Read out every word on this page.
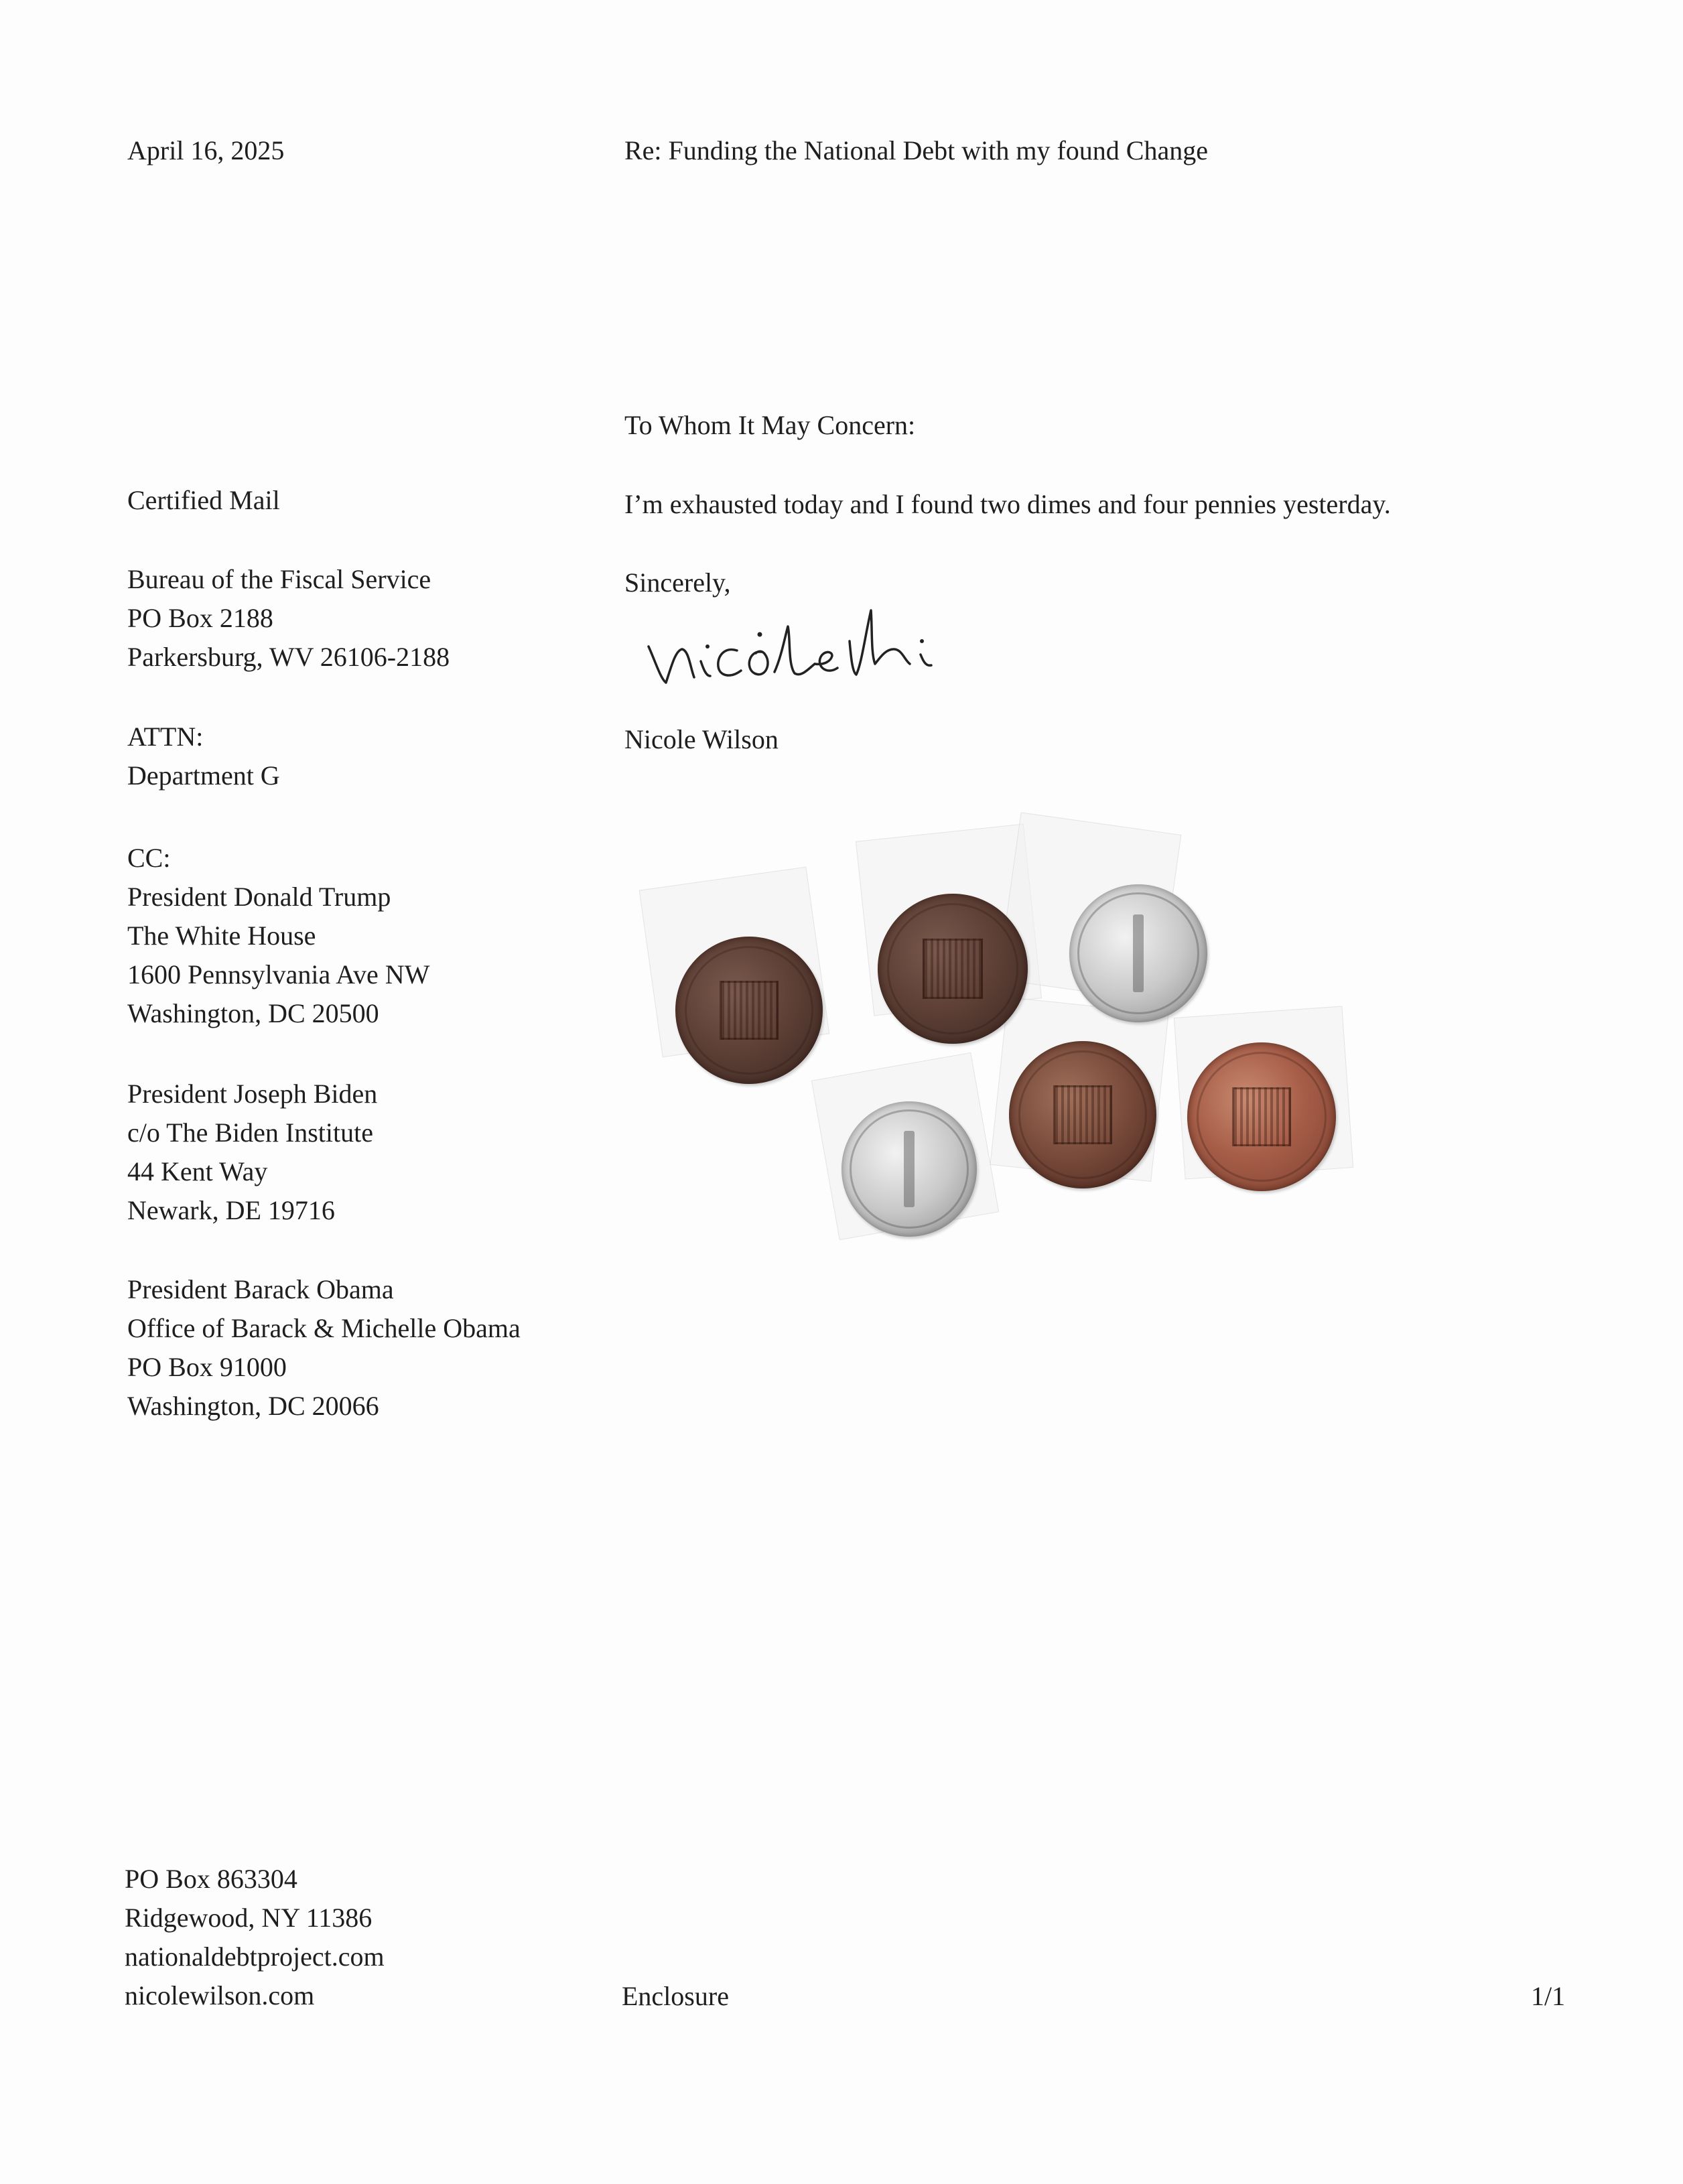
April 16, 2025	Re: Funding the National Debt with my found Change

Certified Mail

Bureau of the Fiscal Service
PO Box 2188
Parkersburg, WV 26106-2188
ATTN:
Department G
CC:
President Donald Trump
The White House
1600 Pennsylvania Ave NW
Washington, DC 20500
President Joseph Biden
c/o The Biden Institute
44 Kent Way
Newark, DE 19716
President Barack Obama
Office of Barack & Michelle Obama
PO Box 91000
Washington, DC 20066

To Whom It May Concern:

I’m exhausted today and I found two dimes and four pennies yesterday.

Sincerely,

Nicole Wilson

PO Box 863304
Ridgewood, NY 11386
nationaldebtproject.com
nicolewilson.com	Enclosure	1/1
